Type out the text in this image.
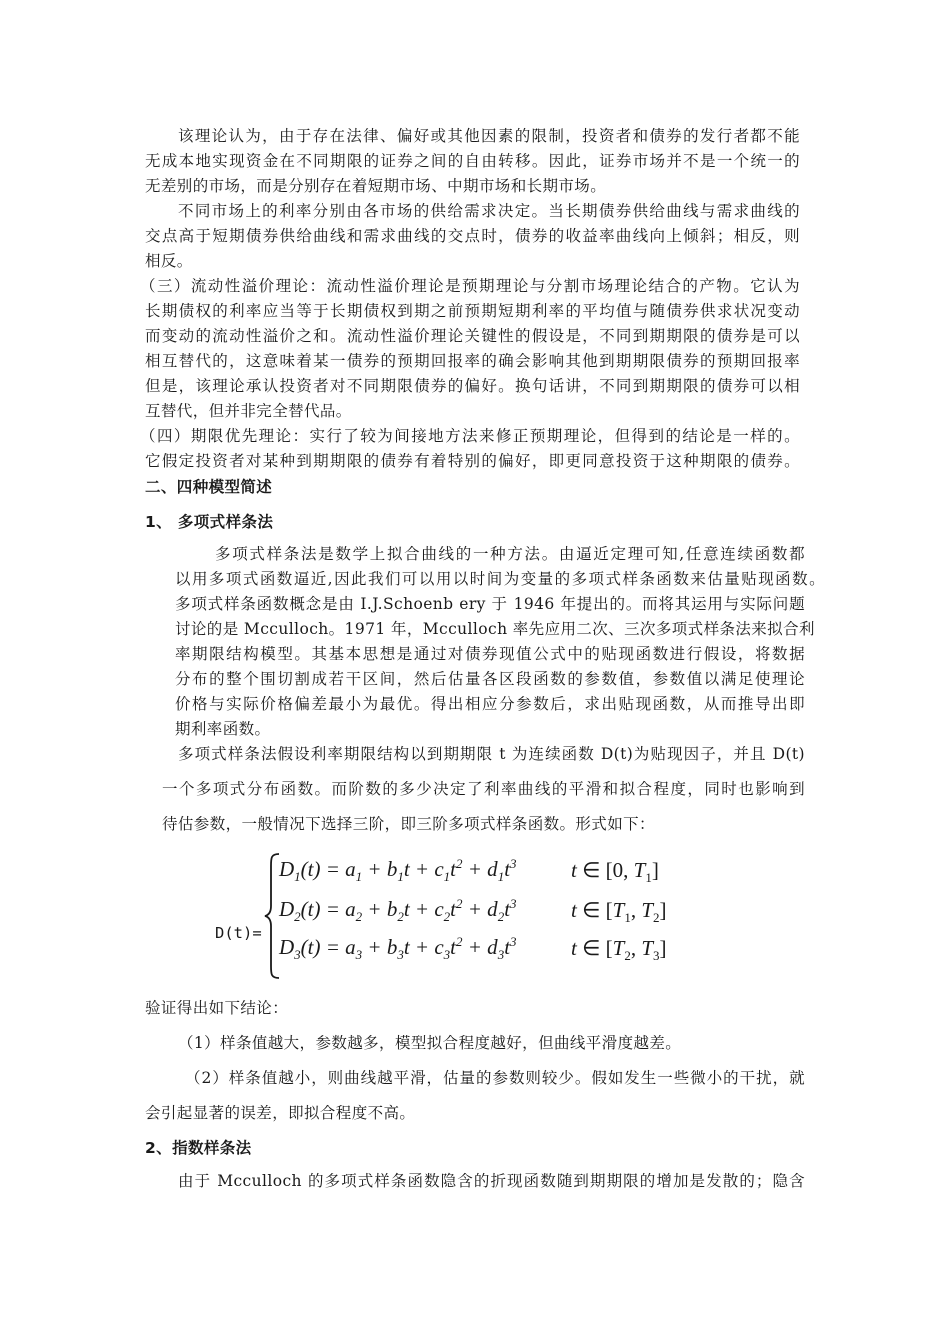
该理论认为，由于存在法律、偏好或其他因素的限制，投资者和债券的发行者都不能
无成本地实现资金在不同期限的证券之间的自由转移。因此，证券市场并不是一个统一的
无差别的市场，而是分别存在着短期市场、中期市场和长期市场。
不同市场上的利率分别由各市场的供给需求决定。当长期债券供给曲线与需求曲线的
交点高于短期债券供给曲线和需求曲线的交点时，债券的收益率曲线向上倾斜；相反，则
相反。
（三）流动性溢价理论：流动性溢价理论是预期理论与分割市场理论结合的产物。它认为
长期债权的利率应当等于长期债权到期之前预期短期利率的平均值与随债券供求状况变动
而变动的流动性溢价之和。流动性溢价理论关键性的假设是，不同到期期限的债券是可以
相互替代的，这意味着某一债券的预期回报率的确会影响其他到期期限债券的预期回报率
但是，该理论承认投资者对不同期限债券的偏好。换句话讲，不同到期期限的债券可以相
互替代，但并非完全替代品。
（四）期限优先理论：实行了较为间接地方法来修正预期理论，但得到的结论是一样的。
它假定投资者对某种到期期限的债券有着特别的偏好，即更同意投资于这种期限的债券。
二、四种模型简述
1、 多项式样条法
多项式样条法是数学上拟合曲线的一种方法。由逼近定理可知,任意连续函数都
以用多项式函数逼近,因此我们可以用以时间为变量的多项式样条函数来估量贴现函数。
多项式样条函数概念是由 I.J.Schoenb ery 于 1946 年提出的。而将其运用与实际问题
讨论的是 Mcculloch。1971 年，Mcculloch 率先应用二次、三次多项式样条法来拟合利
率期限结构模型。其基本思想是通过对债券现值公式中的贴现函数进行假设，将数据
分布的整个围切割成若干区间，然后估量各区段函数的参数值，参数值以满足使理论
价格与实际价格偏差最小为最优。得出相应分参数后，求出贴现函数，从而推导出即
期利率函数。
多项式样条法假设利率期限结构以到期期限 t 为连续函数 D(t)为贴现因子，并且 D(t)
一个多项式分布函数。而阶数的多少决定了利率曲线的平滑和拟合程度，同时也影响到
待估参数，一般情况下选择三阶，即三阶多项式样条函数。形式如下：
D(t)=
$D_1(t) = a_1 + b_1t + c_1t^2 + d_1t^3$	t ∈ [0, $T_1$]
$D_2(t) = a_2 + b_2t + c_2t^2 + d_2t^3$	t ∈ [$T_1$, $T_2$]
$D_3(t) = a_3 + b_3t + c_3t^2 + d_3t^3$	t ∈ [$T_2$, $T_3$]
验证得出如下结论：
（1）样条值越大，参数越多，模型拟合程度越好，但曲线平滑度越差。
（2）样条值越小，则曲线越平滑，估量的参数则较少。假如发生一些微小的干扰，就
会引起显著的误差，即拟合程度不高。
2、指数样条法
由于 Mcculloch 的多项式样条函数隐含的折现函数随到期期限的增加是发散的；隐含
